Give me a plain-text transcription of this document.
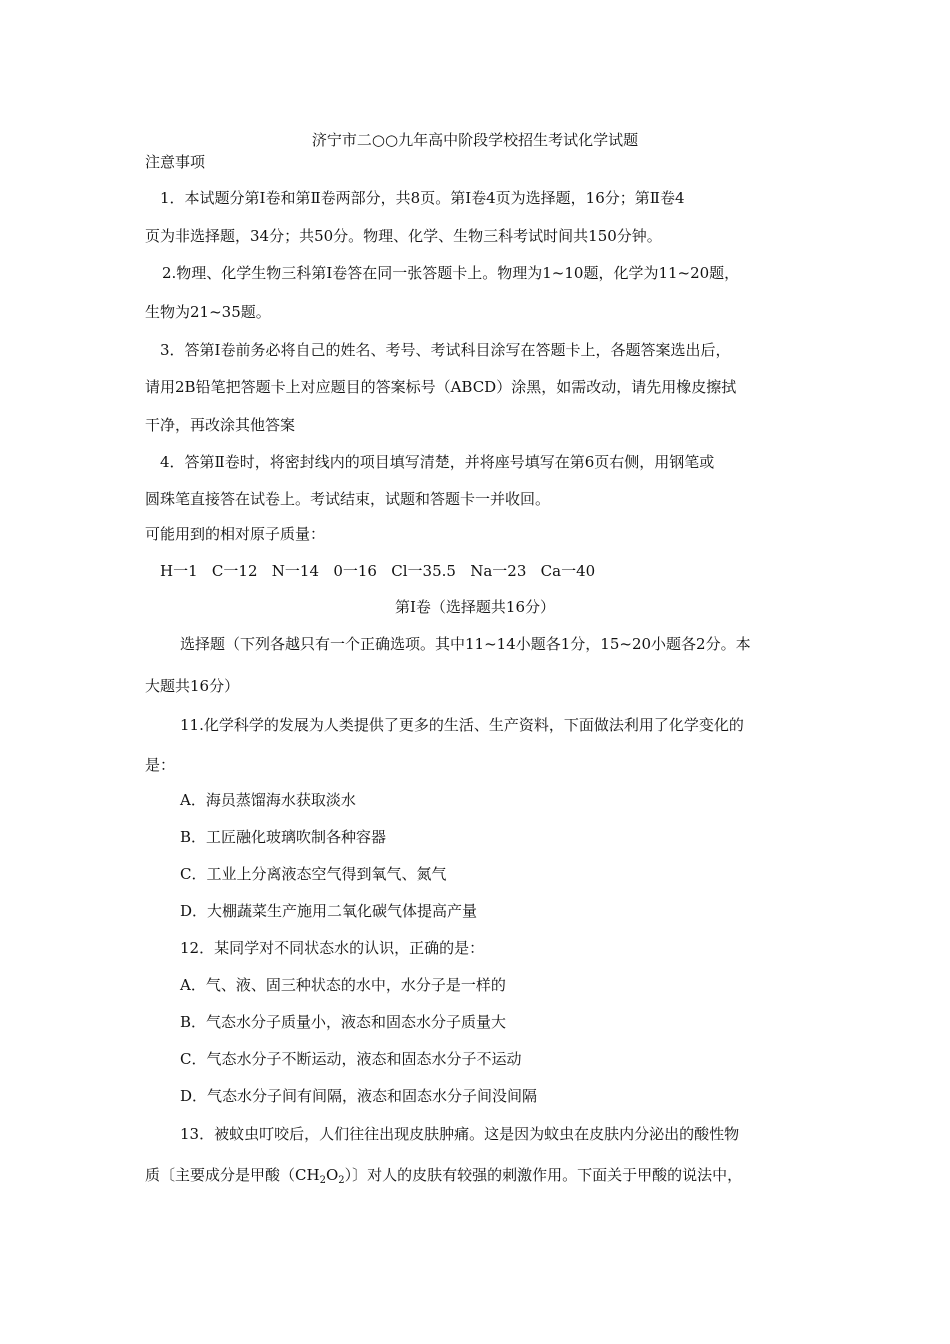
济宁市二○○九年高中阶段学校招生考试化学试题

注意事项

1．本试题分第Ⅰ卷和第Ⅱ卷两部分，共8页。第Ⅰ卷4页为选择题，16分；第Ⅱ卷4

页为非选择题，34分；共50分。物理、化学、生物三科考试时间共150分钟。

2.物理、化学生物三科第Ⅰ卷答在同一张答题卡上。物理为1~10题，化学为11~20题，

生物为21~35题。

3．答第Ⅰ卷前务必将自己的姓名、考号、考试科目涂写在答题卡上，各题答案选出后，

请用2B铅笔把答题卡上对应题目的答案标号（ABCD）涂黑，如需改动，请先用橡皮擦拭

干净，再改涂其他答案

4．答第Ⅱ卷时，将密封线内的项目填写清楚，并将座号填写在第6页右侧，用钢笔或

圆珠笔直接答在试卷上。考试结束，试题和答题卡一并收回。

可能用到的相对原子质量：

H一1   C一12   N一14   0一16   Cl一35.5   Na一23   Ca一40

第Ⅰ卷（选择题共16分）

选择题（下列各越只有一个正确选项。其中11~14小题各1分，15~20小题各2分。本

大题共16分）

11.化学科学的发展为人类提供了更多的生活、生产资料，下面做法利用了化学变化的

是：

A．海员蒸馏海水获取淡水

B．工匠融化玻璃吹制各种容器

C．工业上分离液态空气得到氧气、氮气

D．大棚蔬菜生产施用二氧化碳气体提高产量

12．某同学对不同状态水的认识，正确的是：

A．气、液、固三种状态的水中，水分子是一样的

B．气态水分子质量小，液态和固态水分子质量大

C．气态水分子不断运动，液态和固态水分子不运动

D．气态水分子间有间隔，液态和固态水分子间没间隔

13．被蚊虫叮咬后，人们往往出现皮肤肿痛。这是因为蚊虫在皮肤内分泌出的酸性物

质〔主要成分是甲酸$(CH_2O_2)$〕对人的皮肤有较强的刺激作用。下面关于甲酸的说法中，
